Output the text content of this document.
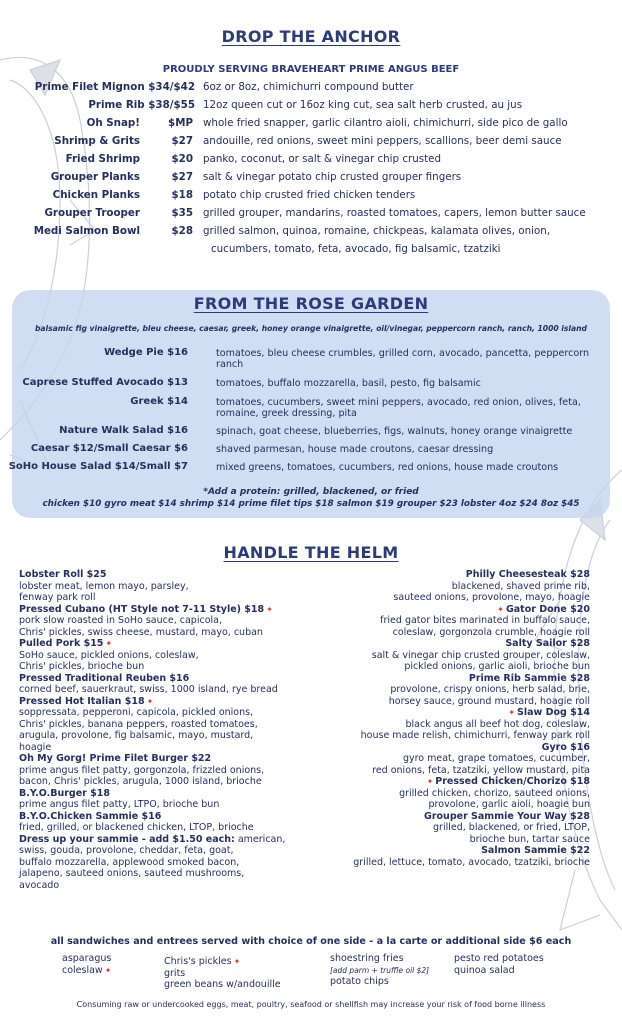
DROP THE ANCHOR
PROUDLY SERVING BRAVEHEART PRIME ANGUS BEEF
Prime Filet Mignon $34/$42 6oz or 8oz, chimichurri compound butter
Prime Rib $38/$55 12oz queen cut or 16oz king cut, sea salt herb crusted, au jus
Oh Snap!	$MP whole fried snapper, garlic cilantro aioli, chimichurri, side pico de gallo
Shrimp & Grits	$27 andouille, red onions, sweet mini peppers, scallions, beer demi sauce
Fried Shrimp	$20 panko, coconut, or salt & vinegar chip crusted
Grouper Planks	$27 salt & vinegar potato chip crusted grouper fingers
Chicken Planks	$18 potato chip crusted fried chicken tenders
Grouper Trooper	$35 grilled grouper, mandarins, roasted tomatoes, capers, lemon butter sauce
Medi Salmon Bowl	$28 grilled salmon, quinoa, romaine, chickpeas, kalamata olives, onion,
cucumbers, tomato, feta, avocado, fig balsamic, tzatziki
FROM THE ROSE GARDEN
balsamic fig vinaigrette, bleu cheese, caesar, greek, honey orange vinaigrette, oil/vinegar, peppercorn ranch, ranch, 1000 island
Wedge Pie $16	tomatoes, bleu cheese crumbles, grilled corn, avocado, pancetta, peppercorn ranch
Caprese Stuffed Avocado $13	tomatoes, buffalo mozzarella, basil, pesto, fig balsamic
Greek $14	tomatoes, cucumbers, sweet mini peppers, avocado, red onion, olives, feta, romaine, greek dressing, pita
Nature Walk Salad $16	spinach, goat cheese, blueberries, figs, walnuts, honey orange vinaigrette
Caesar $12/Small Caesar $6	shaved parmesan, house made croutons, caesar dressing
SoHo House Salad $14/Small $7	mixed greens, tomatoes, cucumbers, red onions, house made croutons
*Add a protein: grilled, blackened, or fried
chicken $10 gyro meat $14 shrimp $14 prime filet tips $18 salmon $19 grouper $23 lobster 4oz $24 8oz $45
HANDLE THE HELM
Lobster Roll $25
lobster meat, lemon mayo, parsley,
fenway park roll
Pressed Cubano (HT Style not 7-11 Style) $18 ✦
pork slow roasted in SoHo sauce, capicola,
Chris' pickles, swiss cheese, mustard, mayo, cuban
Pulled Pork $15 ✦
SoHo sauce, pickled onions, coleslaw,
Chris' pickles, brioche bun
Pressed Traditional Reuben $16
corned beef, sauerkraut, swiss, 1000 island, rye bread
Pressed Hot Italian $18 ✦
soppressata, pepperoni, capicola, pickled onions,
Chris' pickles, banana peppers, roasted tomatoes,
arugula, provolone, fig balsamic, mayo, mustard,
hoagie
Oh My Gorg! Prime Filet Burger $22
prime angus filet patty, gorgonzola, frizzled onions,
bacon, Chris' pickles, arugula, 1000 island, brioche
B.Y.O.Burger $18
prime angus filet patty, LTPO, brioche bun
B.Y.O.Chicken Sammie $16
fried, grilled, or blackened chicken, LTOP, brioche
Dress up your sammie - add $1.50 each: american,
swiss, gouda, provolone, cheddar, feta, goat,
buffalo mozzarella, applewood smoked bacon,
jalapeno, sauteed onions, sauteed mushrooms,
avocado
Philly Cheesesteak $28
blackened, shaved prime rib,
sauteed onions, provolone, mayo, hoagie
✦ Gator Done $20
fried gator bites marinated in buffalo sauce,
coleslaw, gorgonzola crumble, hoagie roll
Salty Sailor $28
salt & vinegar chip crusted grouper, coleslaw,
pickled onions, garlic aioli, brioche bun
Prime Rib Sammie $28
provolone, crispy onions, herb salad, brie,
horsey sauce, ground mustard, hoagie roll
✦ Slaw Dog $14
black angus all beef hot dog, coleslaw,
house made relish, chimichurri, fenway park roll
Gyro $16
gyro meat, grape tomatoes, cucumber,
red onions, feta, tzatziki, yellow mustard, pita
✦ Pressed Chicken/Chorizo $18
grilled chicken, chorizo, sauteed onions,
provolone, garlic aioli, hoagie bun
Grouper Sammie Your Way $28
grilled, blackened, or fried, LTOP,
brioche bun, tartar sauce
Salmon Sammie $22
grilled, lettuce, tomato, avocado, tzatziki, brioche
all sandwiches and entrees served with choice of one side - a la carte or additional side $6 each
asparagus
coleslaw ✦
Chris's pickles ✦
grits
green beans w/andouille
shoestring fries
[add parm + truffle oil $2]
potato chips
pesto red potatoes
quinoa salad
Consuming raw or undercooked eggs, meat, poultry, seafood or shellfish may increase your risk of food borne illness
